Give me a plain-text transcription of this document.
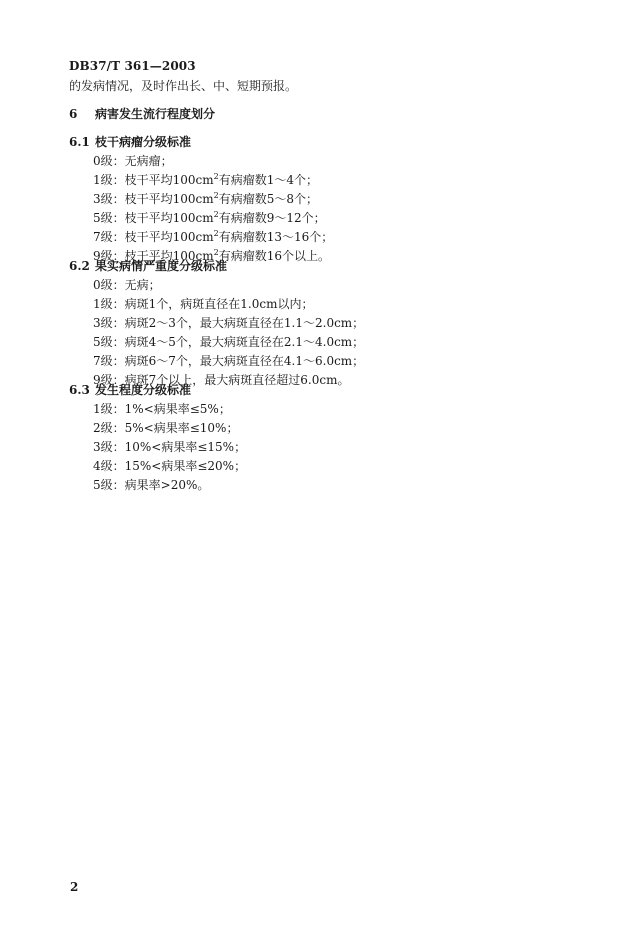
DB37/T 361—2003
的发病情况，及时作出长、中、短期预报。
6 病害发生流行程度划分
6.1 枝干病瘤分级标准
0级：无病瘤；
1级：枝干平均$100cm^2$有病瘤数1～4个；
3级：枝干平均$100cm^2$有病瘤数5～8个；
5级：枝干平均$100cm^2$有病瘤数9～12个；
7级：枝干平均$100cm^2$有病瘤数13～16个；
9级：枝干平均$100cm^2$有病瘤数16个以上。
6.2 果实病情严重度分级标准
0级：无病；
1级：病斑1个，病斑直径在1.0cm以内；
3级：病斑2～3个，最大病斑直径在1.1～2.0cm；
5级：病斑4～5个，最大病斑直径在2.1～4.0cm；
7级：病斑6～7个，最大病斑直径在4.1～6.0cm；
9级：病斑7个以上，最大病斑直径超过6.0cm。
6.3 发生程度分级标准
1级：1%<病果率≤5%；
2级：5%<病果率≤10%；
3级：10%<病果率≤15%；
4级：15%<病果率≤20%；
5级：病果率>20%。
2
